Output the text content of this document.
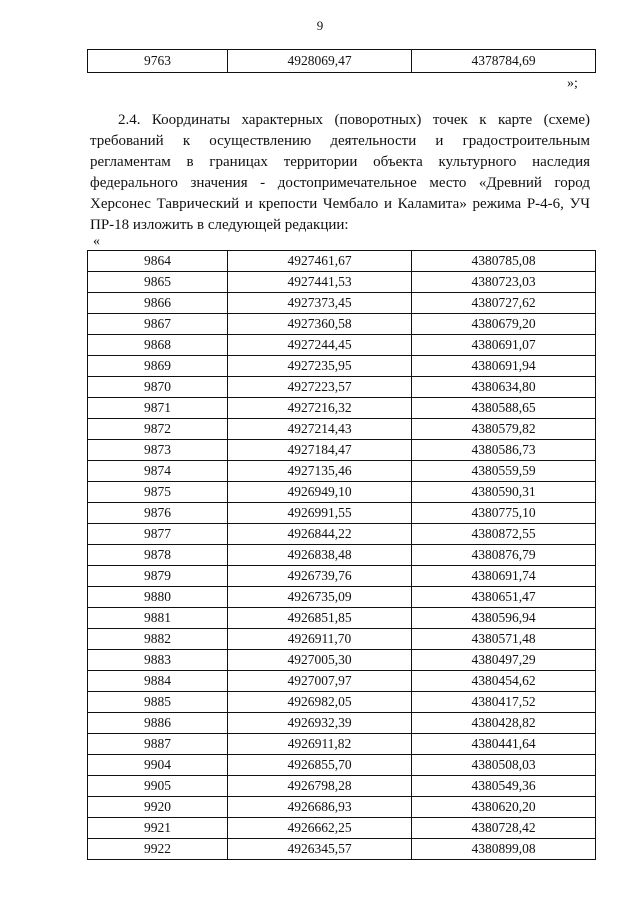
9
9763	4928069,47	4378784,69
»;

2.4. Координаты характерных (поворотных) точек к карте (схеме) требований к осуществлению деятельности и градостроительным регламентам в границах территории объекта культурного наследия федерального значения - достопримечательное место «Древний город Херсонес Таврический и крепости Чембало и Каламита» режима Р-4-6, УЧ ПР-18 изложить в следующей редакции:

«
9864	4927461,67	4380785,08
9865	4927441,53	4380723,03
9866	4927373,45	4380727,62
9867	4927360,58	4380679,20
9868	4927244,45	4380691,07
9869	4927235,95	4380691,94
9870	4927223,57	4380634,80
9871	4927216,32	4380588,65
9872	4927214,43	4380579,82
9873	4927184,47	4380586,73
9874	4927135,46	4380559,59
9875	4926949,10	4380590,31
9876	4926991,55	4380775,10
9877	4926844,22	4380872,55
9878	4926838,48	4380876,79
9879	4926739,76	4380691,74
9880	4926735,09	4380651,47
9881	4926851,85	4380596,94
9882	4926911,70	4380571,48
9883	4927005,30	4380497,29
9884	4927007,97	4380454,62
9885	4926982,05	4380417,52
9886	4926932,39	4380428,82
9887	4926911,82	4380441,64
9904	4926855,70	4380508,03
9905	4926798,28	4380549,36
9920	4926686,93	4380620,20
9921	4926662,25	4380728,42
9922	4926345,57	4380899,08
